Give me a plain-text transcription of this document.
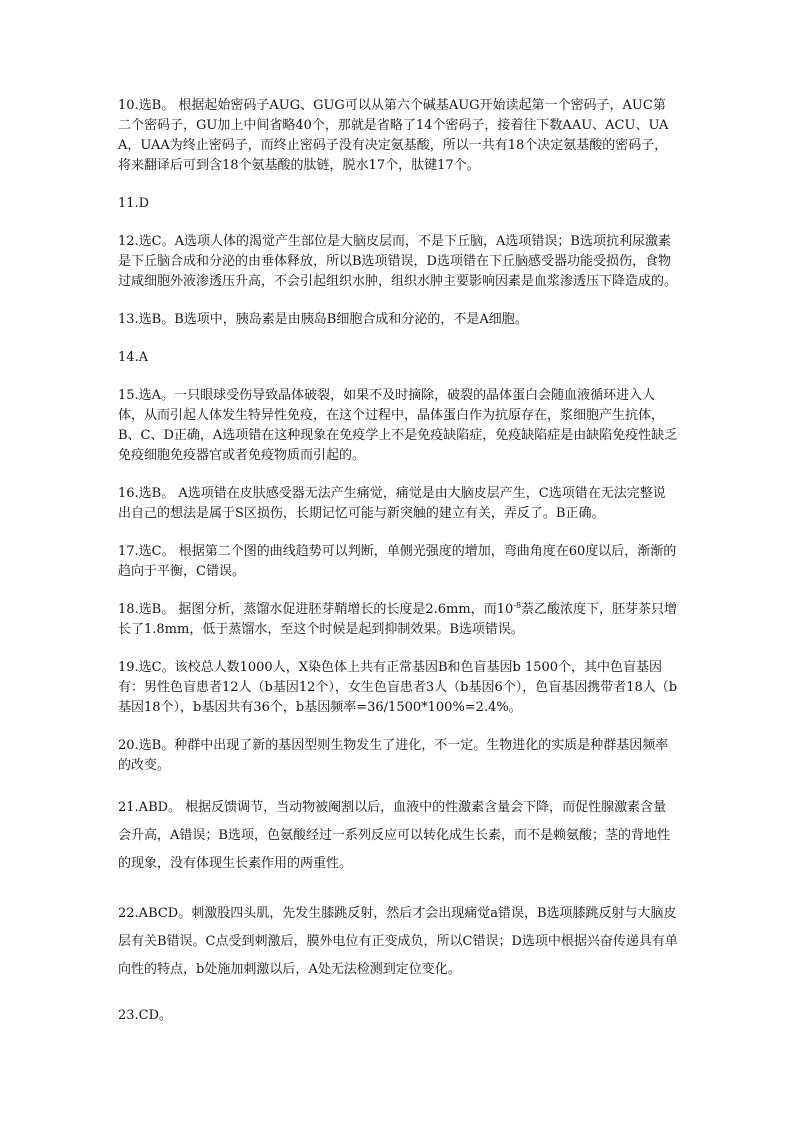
10.选B。 根据起始密码子AUG、GUG可以从第六个碱基AUG开始读起第一个密码子，AUC第二个密码子，GU加上中间省略40个，那就是省略了14个密码子，接着往下数AAU、ACU、UAA，UAA为终止密码子，而终止密码子没有决定氨基酸，所以一共有18个决定氨基酸的密码子，将来翻译后可到含18个氨基酸的肽链，脱水17个，肽键17个。

11.D

12.选C。A选项人体的渴觉产生部位是大脑皮层而，不是下丘脑，A选项错误；B选项抗利尿激素是下丘脑合成和分泌的由垂体释放，所以B选项错误，D选项错在下丘脑感受器功能受损伤，食物过咸细胞外液渗透压升高，不会引起组织水肿，组织水肿主要影响因素是血浆渗透压下降造成的。

13.选B。B选项中，胰岛素是由胰岛B细胞合成和分泌的，不是A细胞。

14.A

15.选A。一只眼球受伤导致晶体破裂，如果不及时摘除，破裂的晶体蛋白会随血液循环进入人体，从而引起人体发生特异性免疫，在这个过程中，晶体蛋白作为抗原存在，浆细胞产生抗体，B、C、D正确，A选项错在这种现象在免疫学上不是免疫缺陷症，免疫缺陷症是由缺陷免疫性缺乏免疫细胞免疫器官或者免疫物质而引起的。

16.选B。 A选项错在皮肤感受器无法产生痛觉，痛觉是由大脑皮层产生，C选项错在无法完整说出自己的想法是属于S区损伤，长期记忆可能与新突触的建立有关，弄反了。B正确。

17.选C。 根据第二个图的曲线趋势可以判断，单侧光强度的增加，弯曲角度在60度以后，渐渐的趋向于平衡，C错误。

18.选B。 据图分析，蒸馏水促进胚芽鞘增长的长度是2.6mm，而$10^{-8}$萘乙酸浓度下，胚芽茶只增长了1.8mm，低于蒸馏水，至这个时候是起到抑制效果。B选项错误。

19.选C。该校总人数1000人，X染色体上共有正常基因B和色盲基因b 1500个，其中色盲基因有：男性色盲患者12人（b基因12个），女生色盲患者3人（b基因6个），色盲基因携带者18人（b基因18个），b基因共有36个，b基因频率=36/1500*100%=2.4%。

20.选B。种群中出现了新的基因型则生物发生了进化，不一定。生物进化的实质是种群基因频率的改变。

21.ABD。 根据反馈调节，当动物被阉割以后，血液中的性激素含量会下降，而促性腺激素含量会升高，A错误；B选项，色氨酸经过一系列反应可以转化成生长素，而不是赖氨酸；茎的背地性的现象，没有体现生长素作用的两重性。

22.ABCD。刺激股四头肌，先发生膝跳反射，然后才会出现痛觉a错误，B选项膝跳反射与大脑皮层有关B错误。C点受到刺激后，膜外电位有正变成负，所以C错误；D选项中根据兴奋传递具有单向性的特点，b处施加刺激以后，A处无法检测到定位变化。

23.CD。
